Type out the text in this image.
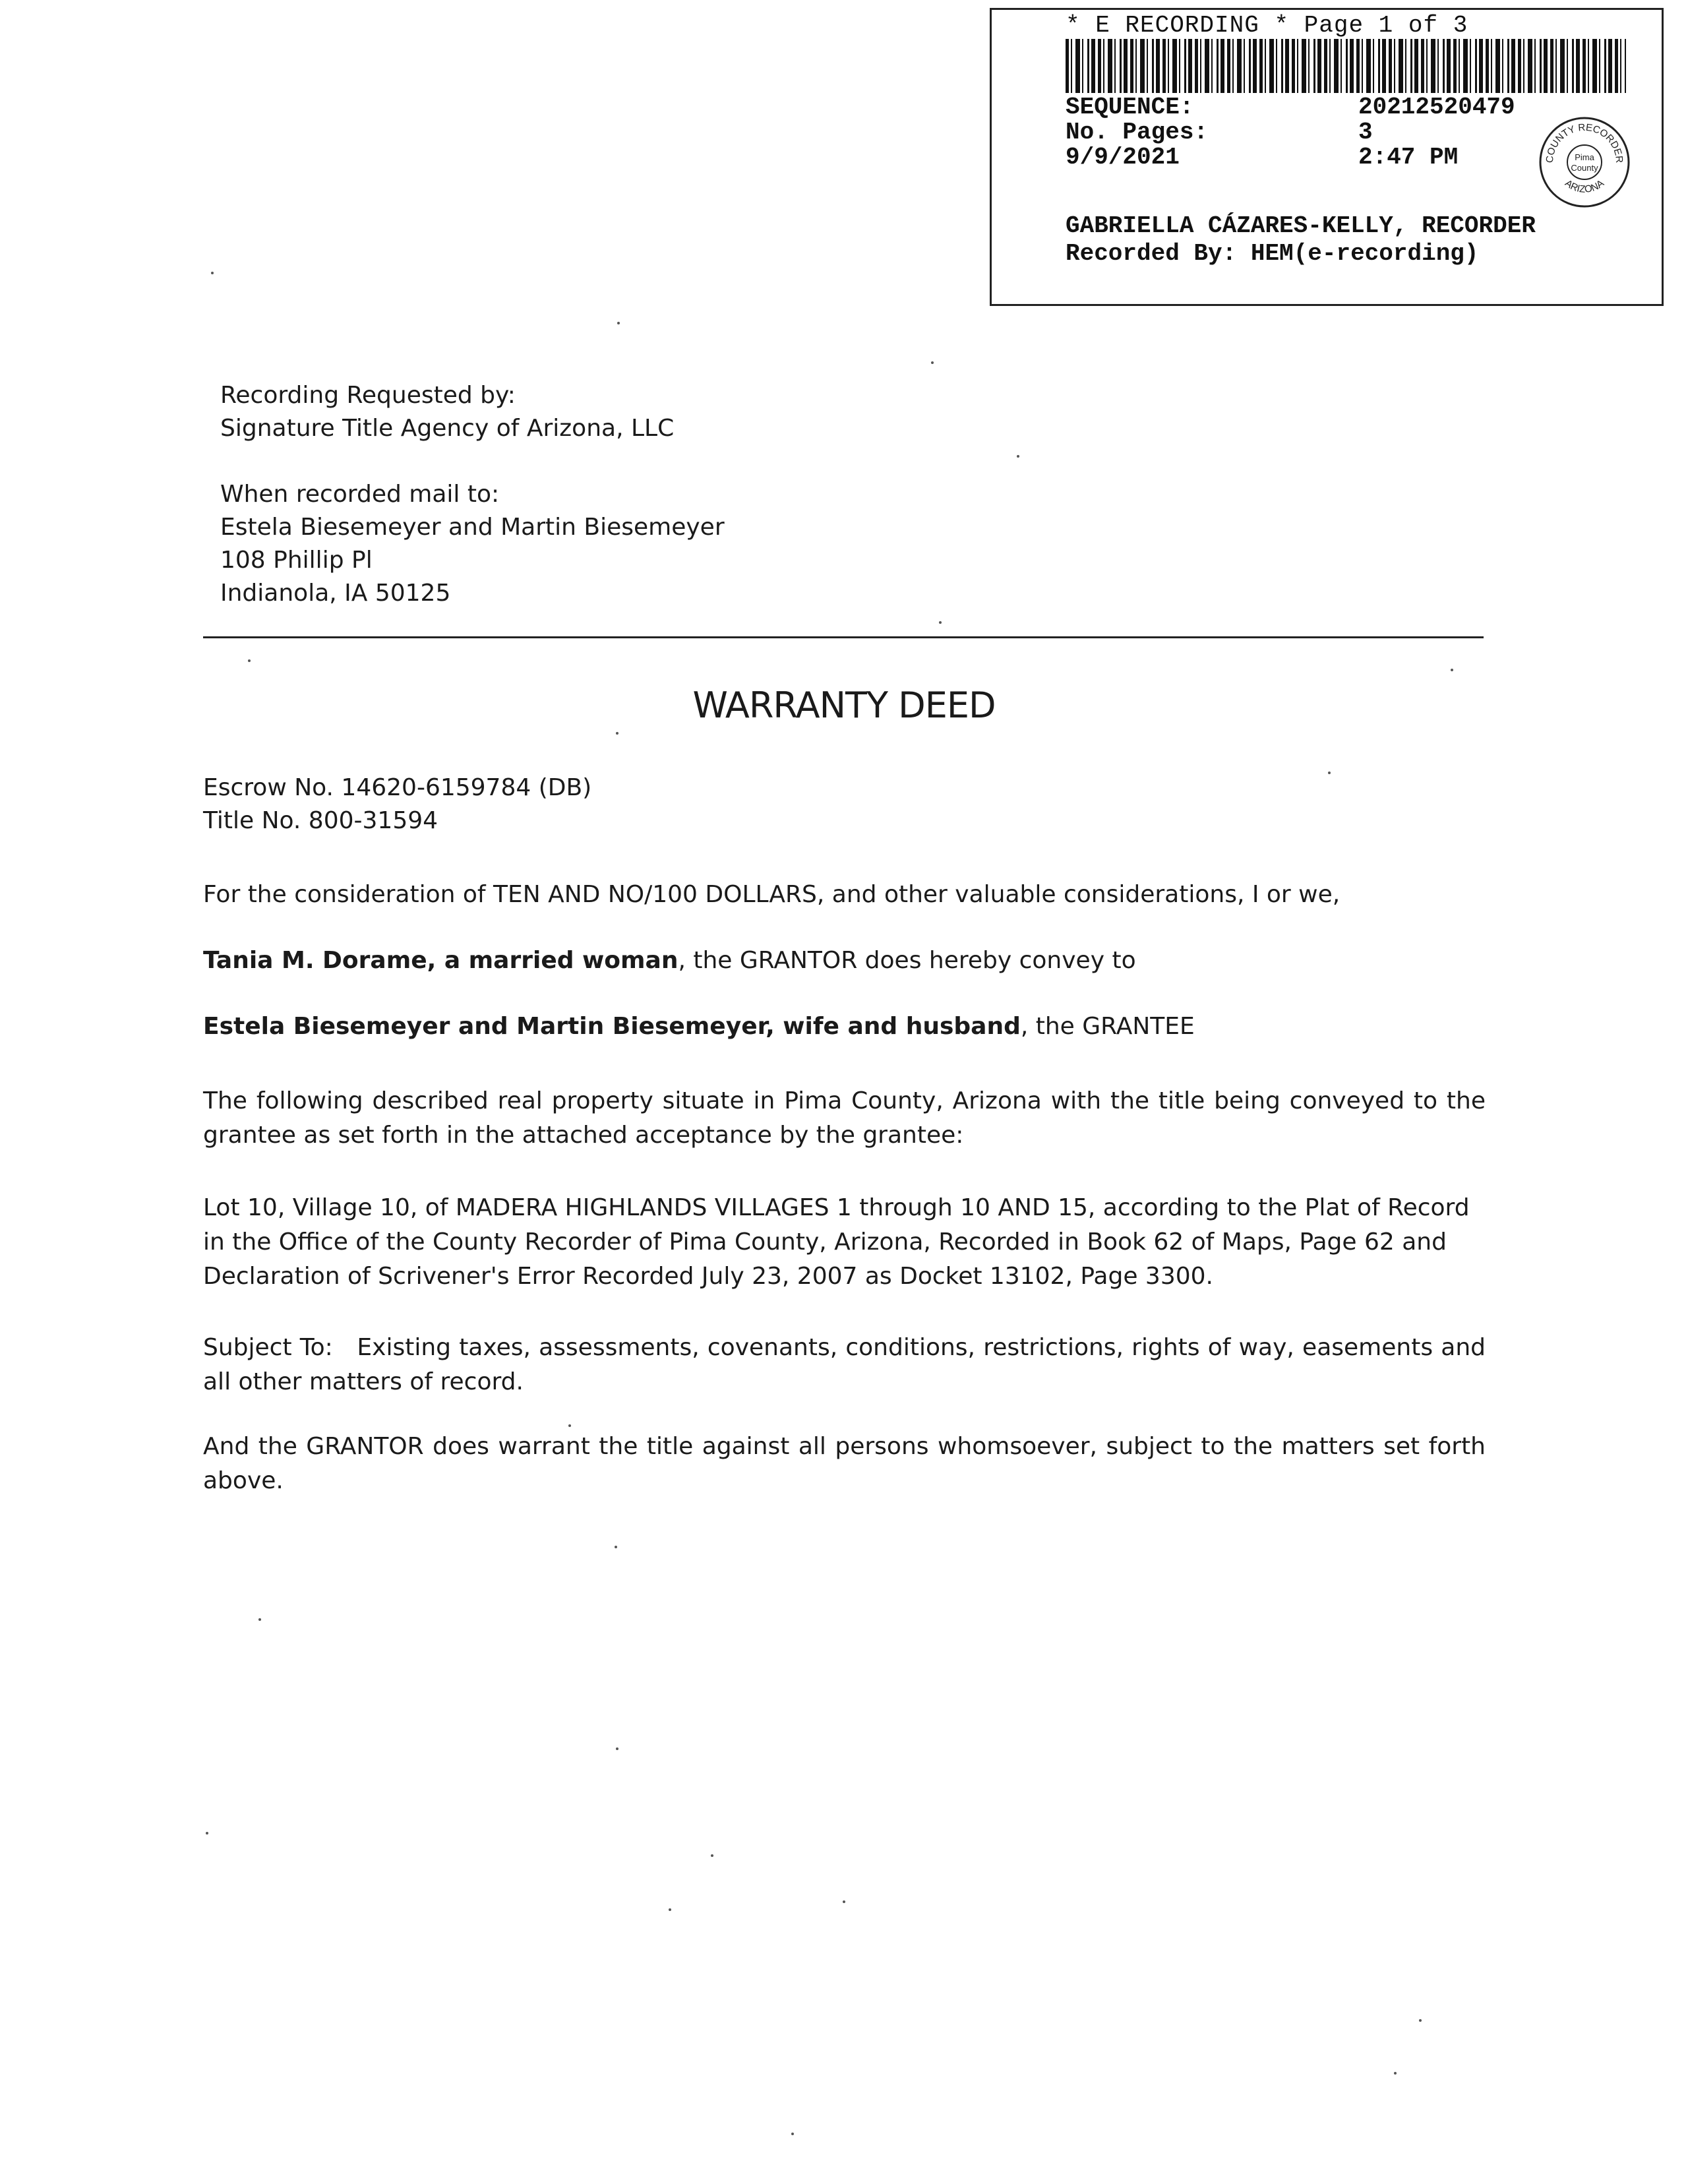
* E RECORDING * Page 1 of 3
SEQUENCE:	20212520479
No. Pages:	3
9/9/2021	2:47 PM	COUNTY RECORDER
ARIZONA
Pima
County
GABRIELLA CÁZARES-KELLY, RECORDER
Recorded By: HEM(e-recording)
Recording Requested by:
Signature Title Agency of Arizona, LLC
When recorded mail to:
Estela Biesemeyer and Martin Biesemeyer
108 Phillip Pl
Indianola, IA 50125
WARRANTY DEED
Escrow No. 14620-6159784 (DB)
Title No. 800-31594
For the consideration of TEN AND NO/100 DOLLARS, and other valuable considerations, I or we,
Tania M. Dorame, a married woman, the GRANTOR does hereby convey to
Estela Biesemeyer and Martin Biesemeyer, wife and husband, the GRANTEE
The following described real property situate in Pima County, Arizona with the title being conveyed to the grantee as set forth in the attached acceptance by the grantee:
Lot 10, Village 10, of MADERA HIGHLANDS VILLAGES 1 through 10 AND 15, according to the Plat of Record in the Office of the County Recorder of Pima County, Arizona, Recorded in Book 62 of Maps, Page 62 and Declaration of Scrivener's Error Recorded July 23, 2007 as Docket 13102, Page 3300.
Subject To: Existing taxes, assessments, covenants, conditions, restrictions, rights of way, easements and all other matters of record.
And the GRANTOR does warrant the title against all persons whomsoever, subject to the matters set forth above.
